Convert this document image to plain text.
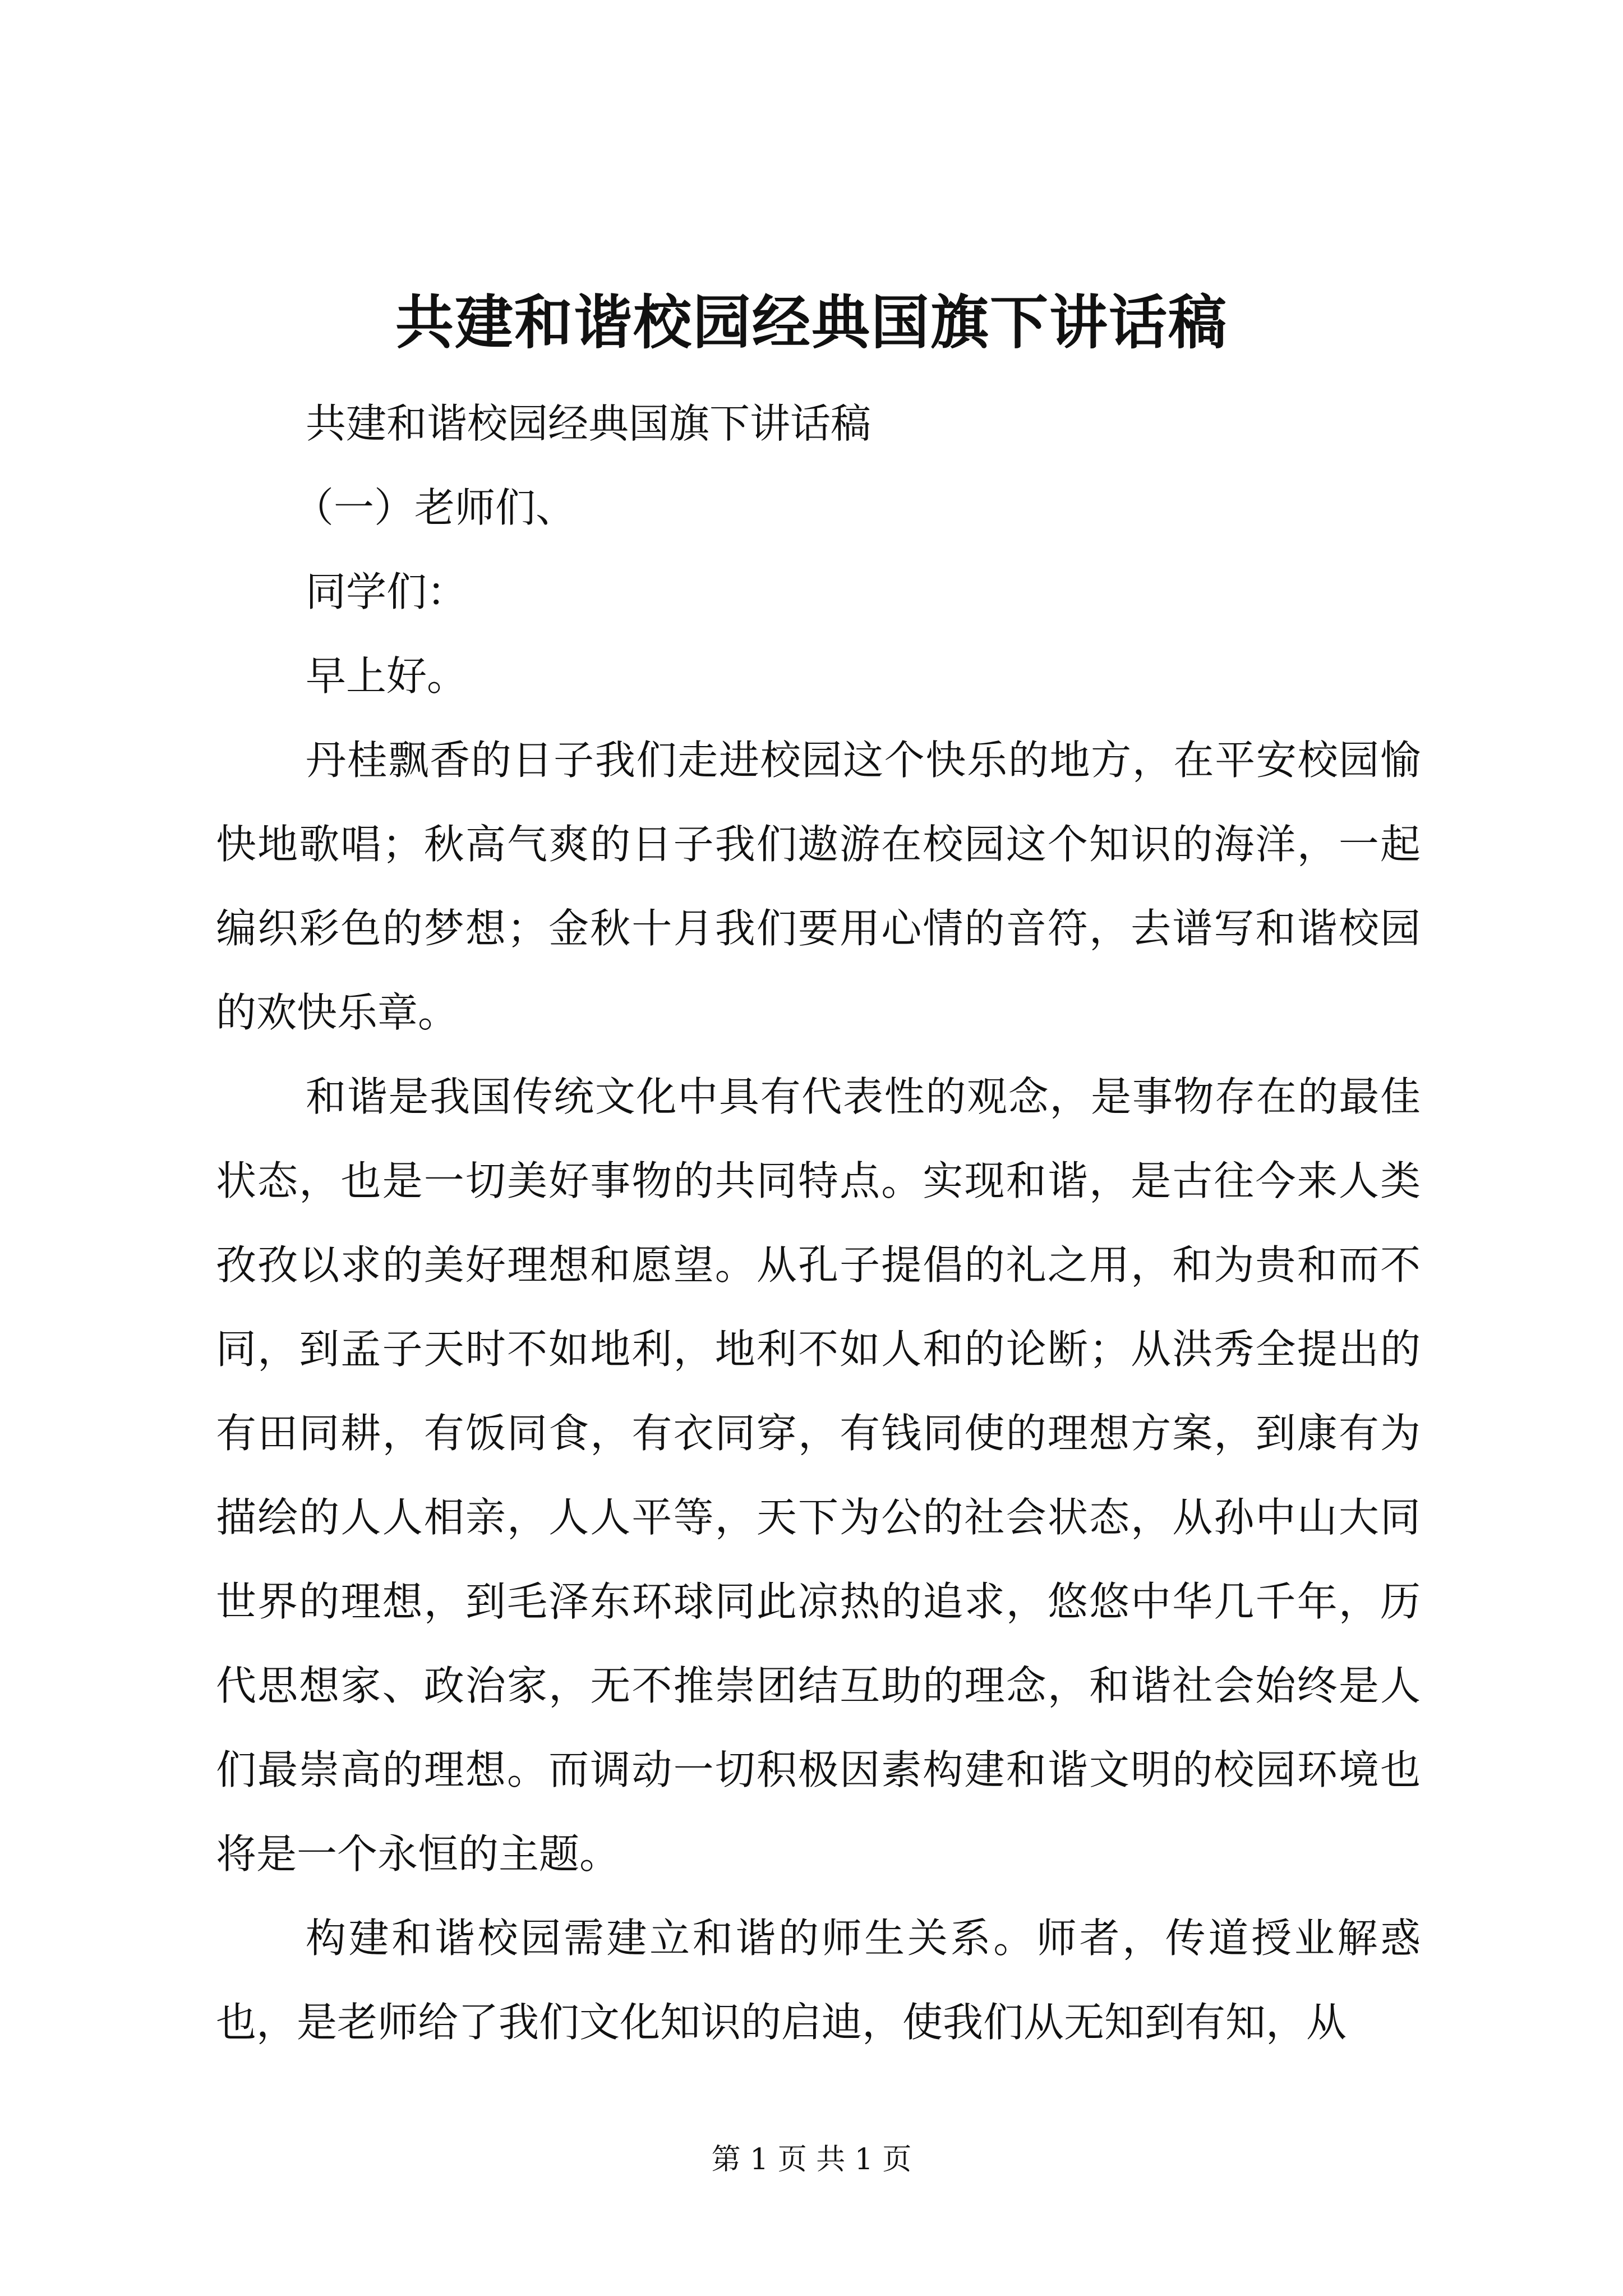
共建和谐校园经典国旗下讲话稿

共建和谐校园经典国旗下讲话稿

（一）老师们、

同学们：

早上好。

丹桂飘香的日子我们走进校园这个快乐的地方，在平安校园愉快地歌唱；秋高气爽的日子我们遨游在校园这个知识的海洋，一起编织彩色的梦想；金秋十月我们要用心情的音符，去谱写和谐校园的欢快乐章。

和谐是我国传统文化中具有代表性的观念，是事物存在的最佳状态，也是一切美好事物的共同特点。实现和谐，是古往今来人类孜孜以求的美好理想和愿望。从孔子提倡的礼之用，和为贵和而不同，到孟子天时不如地利，地利不如人和的论断；从洪秀全提出的有田同耕，有饭同食，有衣同穿，有钱同使的理想方案，到康有为描绘的人人相亲，人人平等，天下为公的社会状态，从孙中山大同世界的理想，到毛泽东环球同此凉热的追求，悠悠中华几千年，历代思想家、政治家，无不推崇团结互助的理念，和谐社会始终是人们最崇高的理想。而调动一切积极因素构建和谐文明的校园环境也将是一个永恒的主题。

构建和谐校园需建立和谐的师生关系。师者，传道授业解惑也，是老师给了我们文化知识的启迪，使我们从无知到有知，从

第 1 页 共 1 页
